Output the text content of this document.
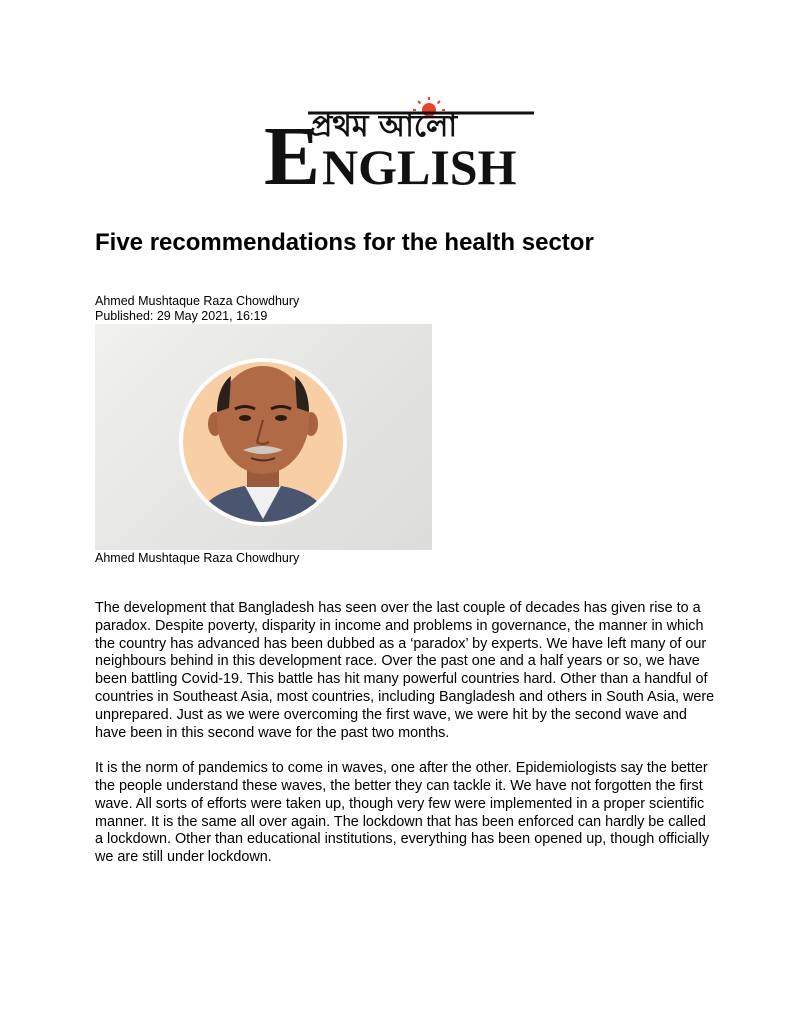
প্রথম আলো
E NGLISH
Five recommendations for the health sector
Ahmed Mushtaque Raza Chowdhury
Published: 29 May 2021, 16:19
Ahmed Mushtaque Raza Chowdhury

The development that Bangladesh has seen over the last couple of decades has given rise to a paradox. Despite poverty, disparity in income and problems in governance, the manner in which the country has advanced has been dubbed as a ‘paradox’ by experts. We have left many of our neighbours behind in this development race. Over the past one and a half years or so, we have been battling Covid-19. This battle has hit many powerful countries hard. Other than a handful of countries in Southeast Asia, most countries, including Bangladesh and others in South Asia, were unprepared. Just as we were overcoming the first wave, we were hit by the second wave and have been in this second wave for the past two months.

It is the norm of pandemics to come in waves, one after the other. Epidemiologists say the better the people understand these waves, the better they can tackle it. We have not forgotten the first wave. All sorts of efforts were taken up, though very few were implemented in a proper scientific manner. It is the same all over again. The lockdown that has been enforced can hardly be called a lockdown. Other than educational institutions, everything has been opened up, though officially we are still under lockdown.
